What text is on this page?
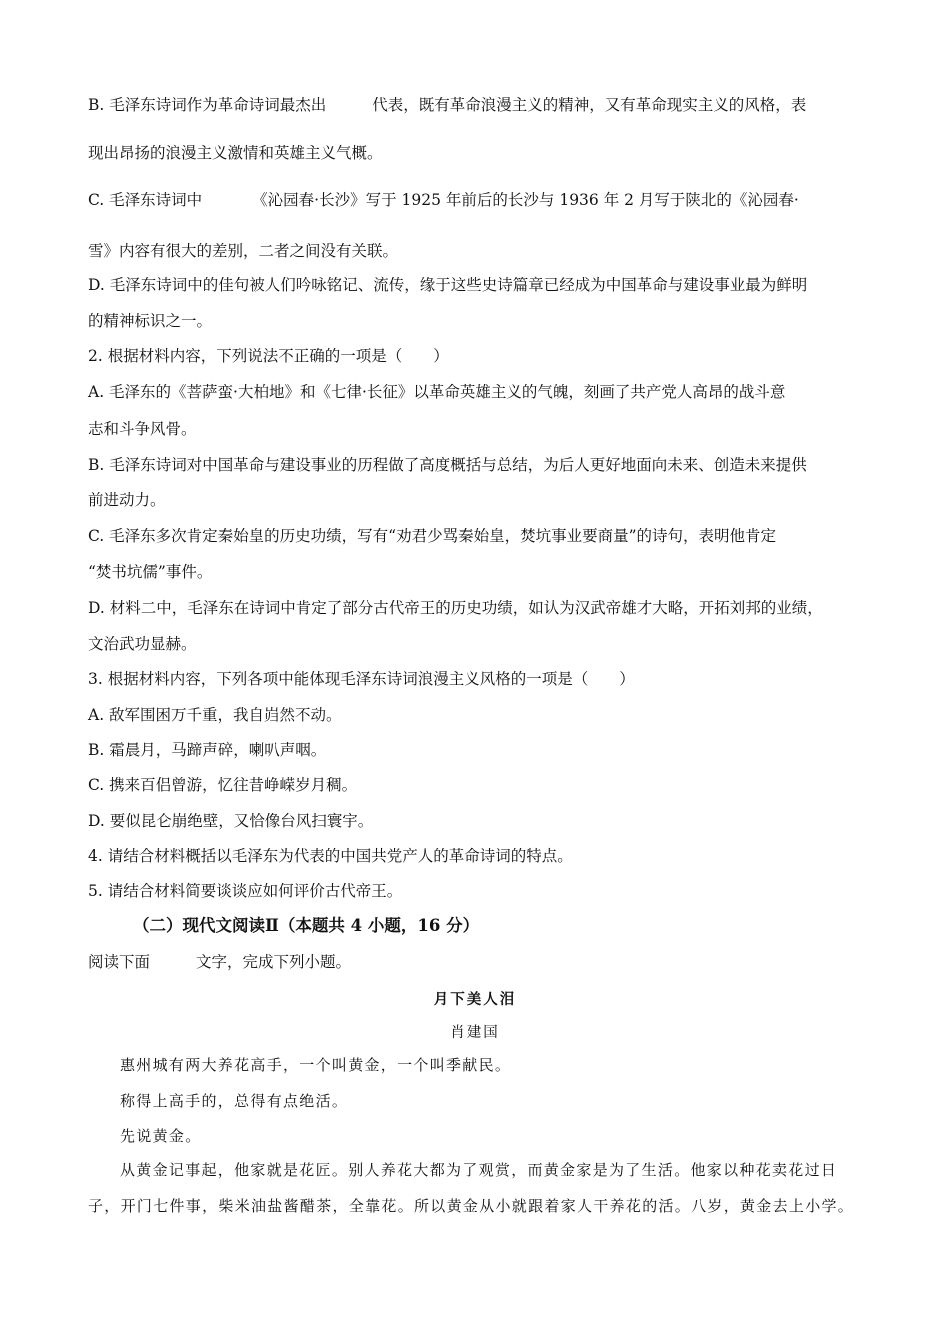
B. 毛泽东诗词作为革命诗词最杰出	代表，既有革命浪漫主义的精神，又有革命现实主义的风格，表
现出昂扬的浪漫主义激情和英雄主义气概。
C. 毛泽东诗词中	《沁园春·长沙》写于 1925 年前后的长沙与 1936 年 2 月写于陕北的《沁园春·
雪》内容有很大的差别，二者之间没有关联。
D. 毛泽东诗词中的佳句被人们吟咏铭记、流传，缘于这些史诗篇章已经成为中国革命与建设事业最为鲜明
的精神标识之一。
2. 根据材料内容，下列说法不正确的一项是（　　）
A. 毛泽东的《菩萨蛮·大柏地》和《七律·长征》以革命英雄主义的气魄，刻画了共产党人高昂的战斗意
志和斗争风骨。
B. 毛泽东诗词对中国革命与建设事业的历程做了高度概括与总结，为后人更好地面向未来、创造未来提供
前进动力。
C. 毛泽东多次肯定秦始皇的历史功绩，写有“劝君少骂秦始皇，焚坑事业要商量”的诗句，表明他肯定
“焚书坑儒”事件。
D. 材料二中，毛泽东在诗词中肯定了部分古代帝王的历史功绩，如认为汉武帝雄才大略，开拓刘邦的业绩，
文治武功显赫。
3. 根据材料内容，下列各项中能体现毛泽东诗词浪漫主义风格的一项是（　　）
A. 敌军围困万千重，我自岿然不动。
B. 霜晨月，马蹄声碎，喇叭声咽。
C. 携来百侣曾游，忆往昔峥嵘岁月稠。
D. 要似昆仑崩绝壁，又恰像台风扫寰宇。
4. 请结合材料概括以毛泽东为代表的中国共党产人的革命诗词的特点。
5. 请结合材料简要谈谈应如何评价古代帝王。
（二）现代文阅读Ⅱ（本题共 4 小题，16 分）
阅读下面	文字，完成下列小题。
月下美人泪
肖建国
惠州城有两大养花高手，一个叫黄金，一个叫季献民。
称得上高手的，总得有点绝活。
先说黄金。
从黄金记事起，他家就是花匠。别人养花大都为了观赏，而黄金家是为了生活。他家以种花卖花过日
子，开门七件事，柴米油盐酱醋茶，全靠花。所以黄金从小就跟着家人干养花的活。八岁，黄金去上小学。
